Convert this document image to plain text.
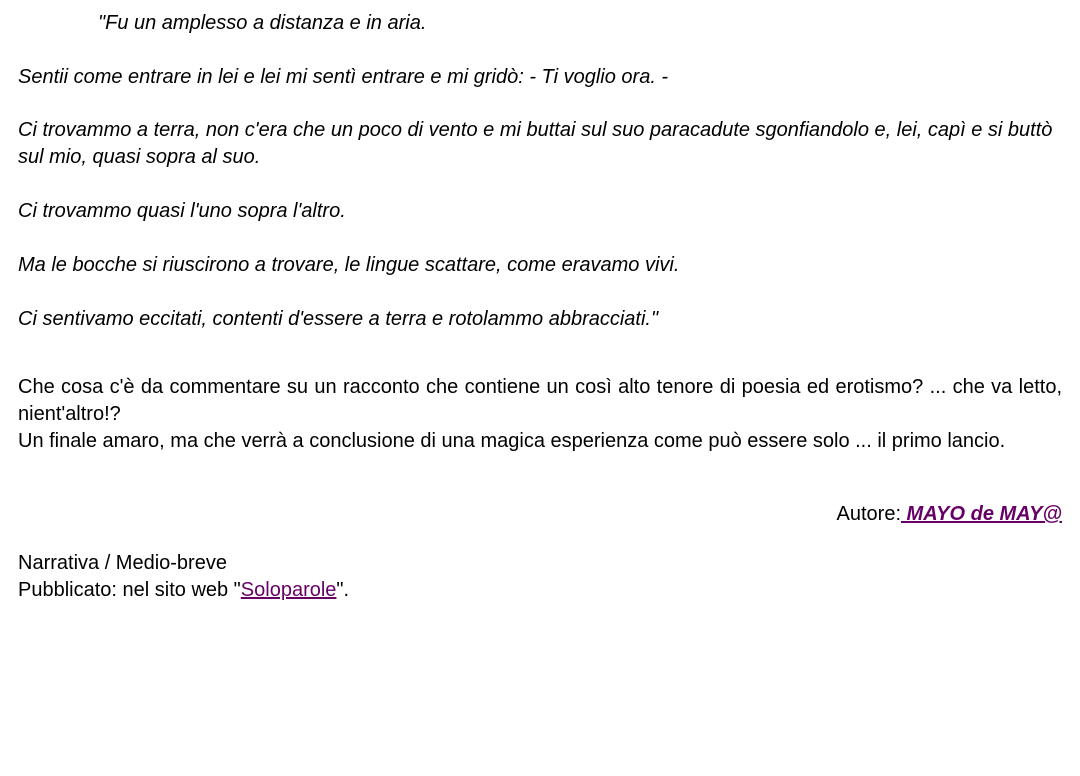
"Fu un amplesso a distanza e in aria.

Sentii come entrare in lei e lei mi sentì entrare e mi gridò: - Ti voglio ora. -

Ci trovammo a terra, non c'era che un poco di vento e mi buttai sul suo paracadute sgonfiandolo e, lei, capì e si buttò sul mio, quasi sopra al suo.

Ci trovammo quasi l'uno sopra l'altro.

Ma le bocche si riuscirono a trovare, le lingue scattare, come eravamo vivi.

Ci sentivamo eccitati, contenti d'essere a terra e rotolammo abbracciati."

Che cosa c'è da commentare su un racconto che contiene un così alto tenore di poesia ed erotismo? ... che va letto, nient'altro!?

Un finale amaro, ma che verrà a conclusione di una magica esperienza come può essere solo ... il primo lancio.

Autore: MAYO de MAY@

Narrativa / Medio-breve

Pubblicato: nel sito web "Soloparole".
